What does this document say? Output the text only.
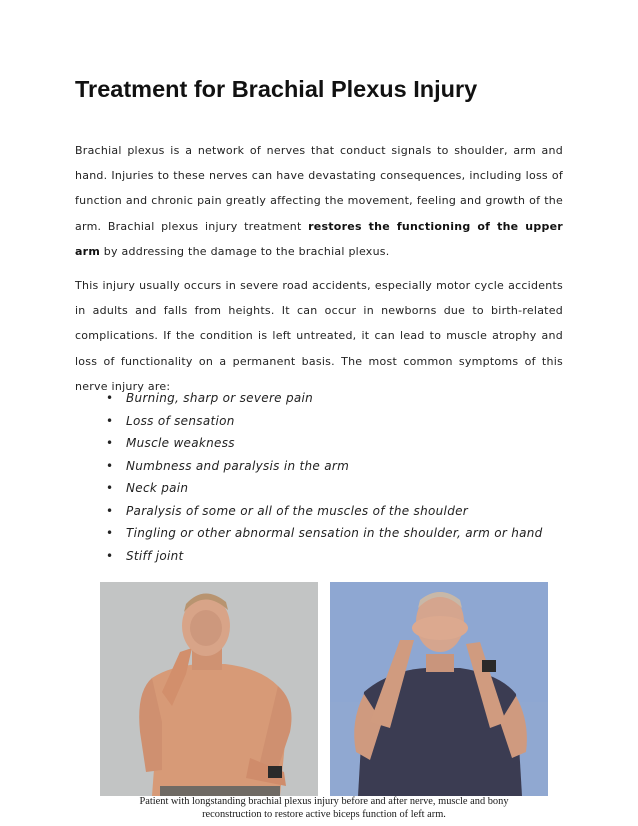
Treatment for Brachial Plexus Injury

Brachial plexus is a network of nerves that conduct signals to shoulder, arm and hand. Injuries to these nerves can have devastating consequences, including loss of function and chronic pain greatly affecting the movement, feeling and growth of the arm. Brachial plexus injury treatment restores the functioning of the upper arm by addressing the damage to the brachial plexus.

This injury usually occurs in severe road accidents, especially motor cycle accidents in adults and falls from heights. It can occur in newborns due to birth-related complications. If the condition is left untreated, it can lead to muscle atrophy and loss of functionality on a permanent basis. The most common symptoms of this nerve injury are:

• Burning, sharp or severe pain
• Loss of sensation
• Muscle weakness
• Numbness and paralysis in the arm
• Neck pain
• Paralysis of some or all of the muscles of the shoulder
• Tingling or other abnormal sensation in the shoulder, arm or hand
• Stiff joint
Patient with longstanding brachial plexus injury before and after nerve, muscle and bony
reconstruction to restore active biceps function of left arm.
